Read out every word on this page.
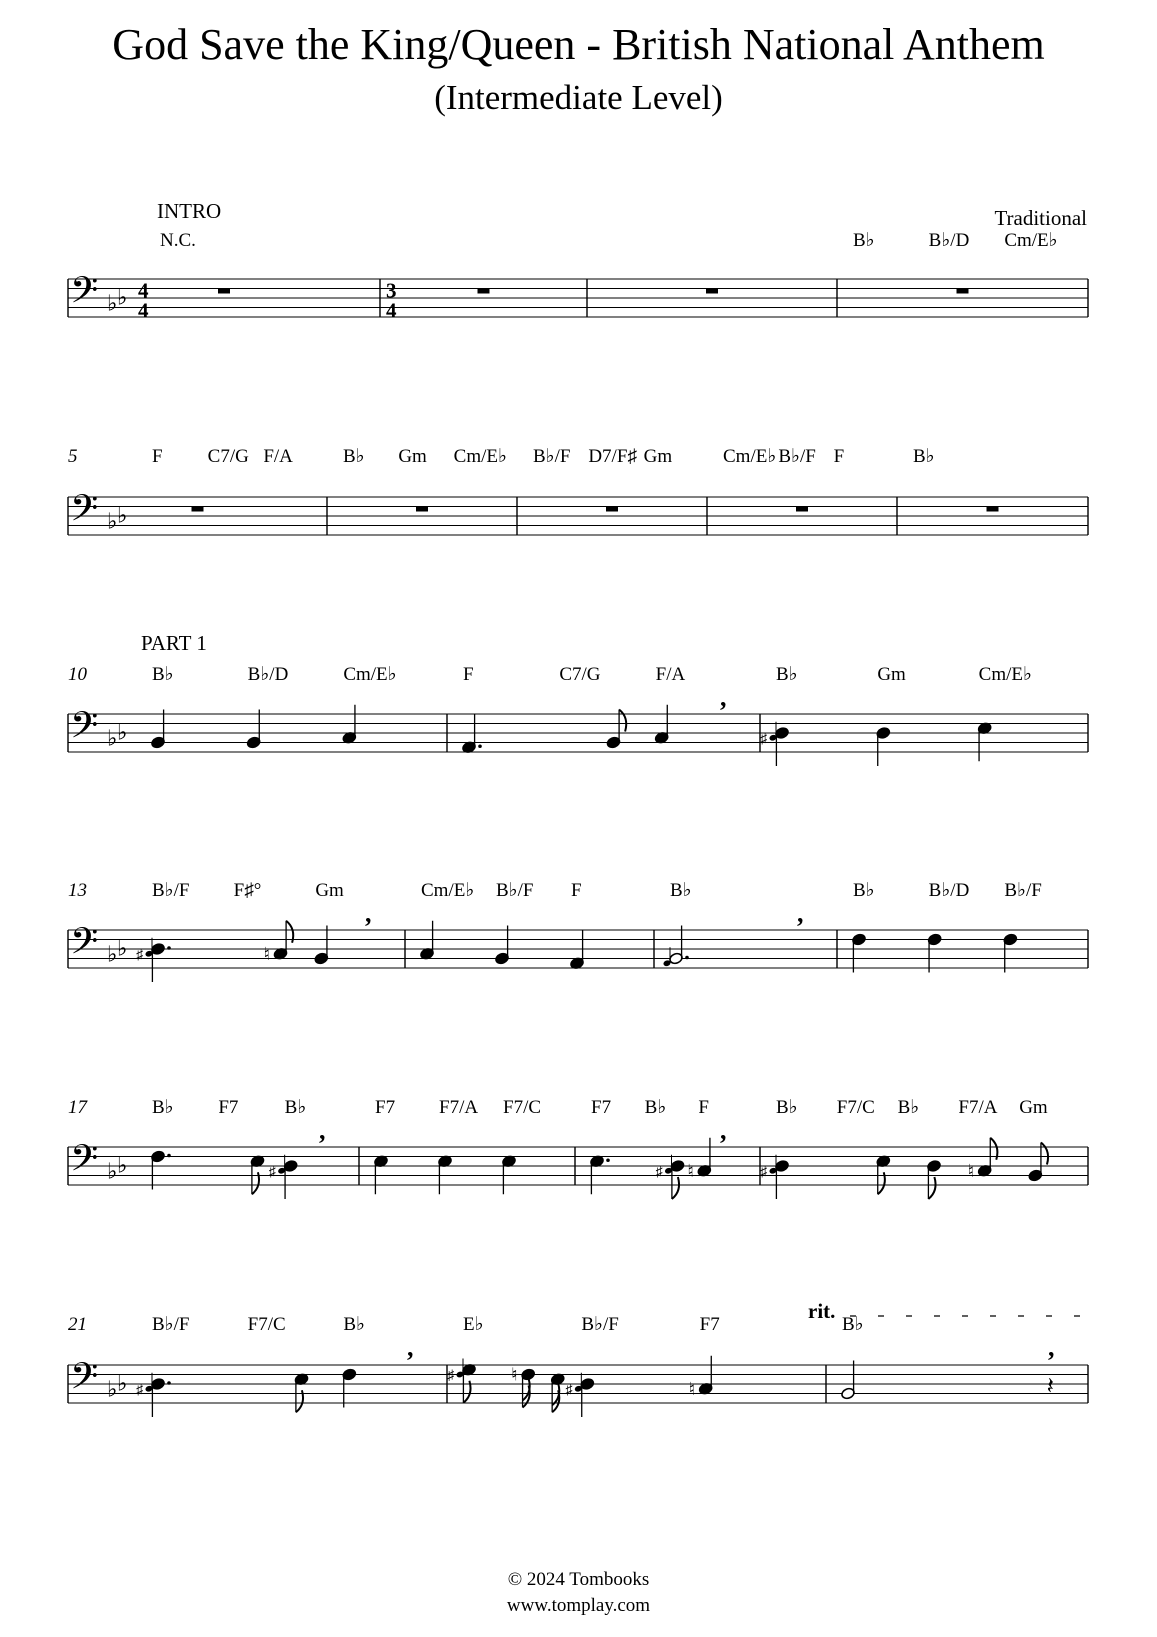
God Save the King/Queen - British National Anthem
(Intermediate Level)
Traditional
𝄢 ♭ ♭ 4
4
N.C.
3
4
B♭	B♭/D Cm/E♭
𝄢 ♭ ♭
5	F C7/G F/A	B♭ Gm Cm/E♭ B♭/F D7/F♯ Gm	Cm/E♭ B♭/F F	B♭
𝄢 ♭ ♭
10	B♭	B♭/D	Cm/E♭	F	C7/G	F/A
,
B♭	Gm	Cm/E♭
♯
𝄢 ♭ ♭
13	B♭/F F♯°	Gm
♯	♮
,
Cm/E♭ B♭/F F	B♭
,
B♭	B♭/D B♭/F
𝄢 ♭ ♭
17	B♭ F7 B♭
♯
,
F7 F7/A F7/C	F7 B♭ F
♯ ♮
,
B♭ F7/C B♭ F7/A Gm
♯	♮
𝄢 ♭ ♭
21	B♭/F	F7/C	B♭
♯
,
E♭	B♭/F	F7
♯	♮
♯	♮
B♭
𝄽
,
INTRO
PART 1
rit.
© 2024 Tombooks
www.tomplay.com
